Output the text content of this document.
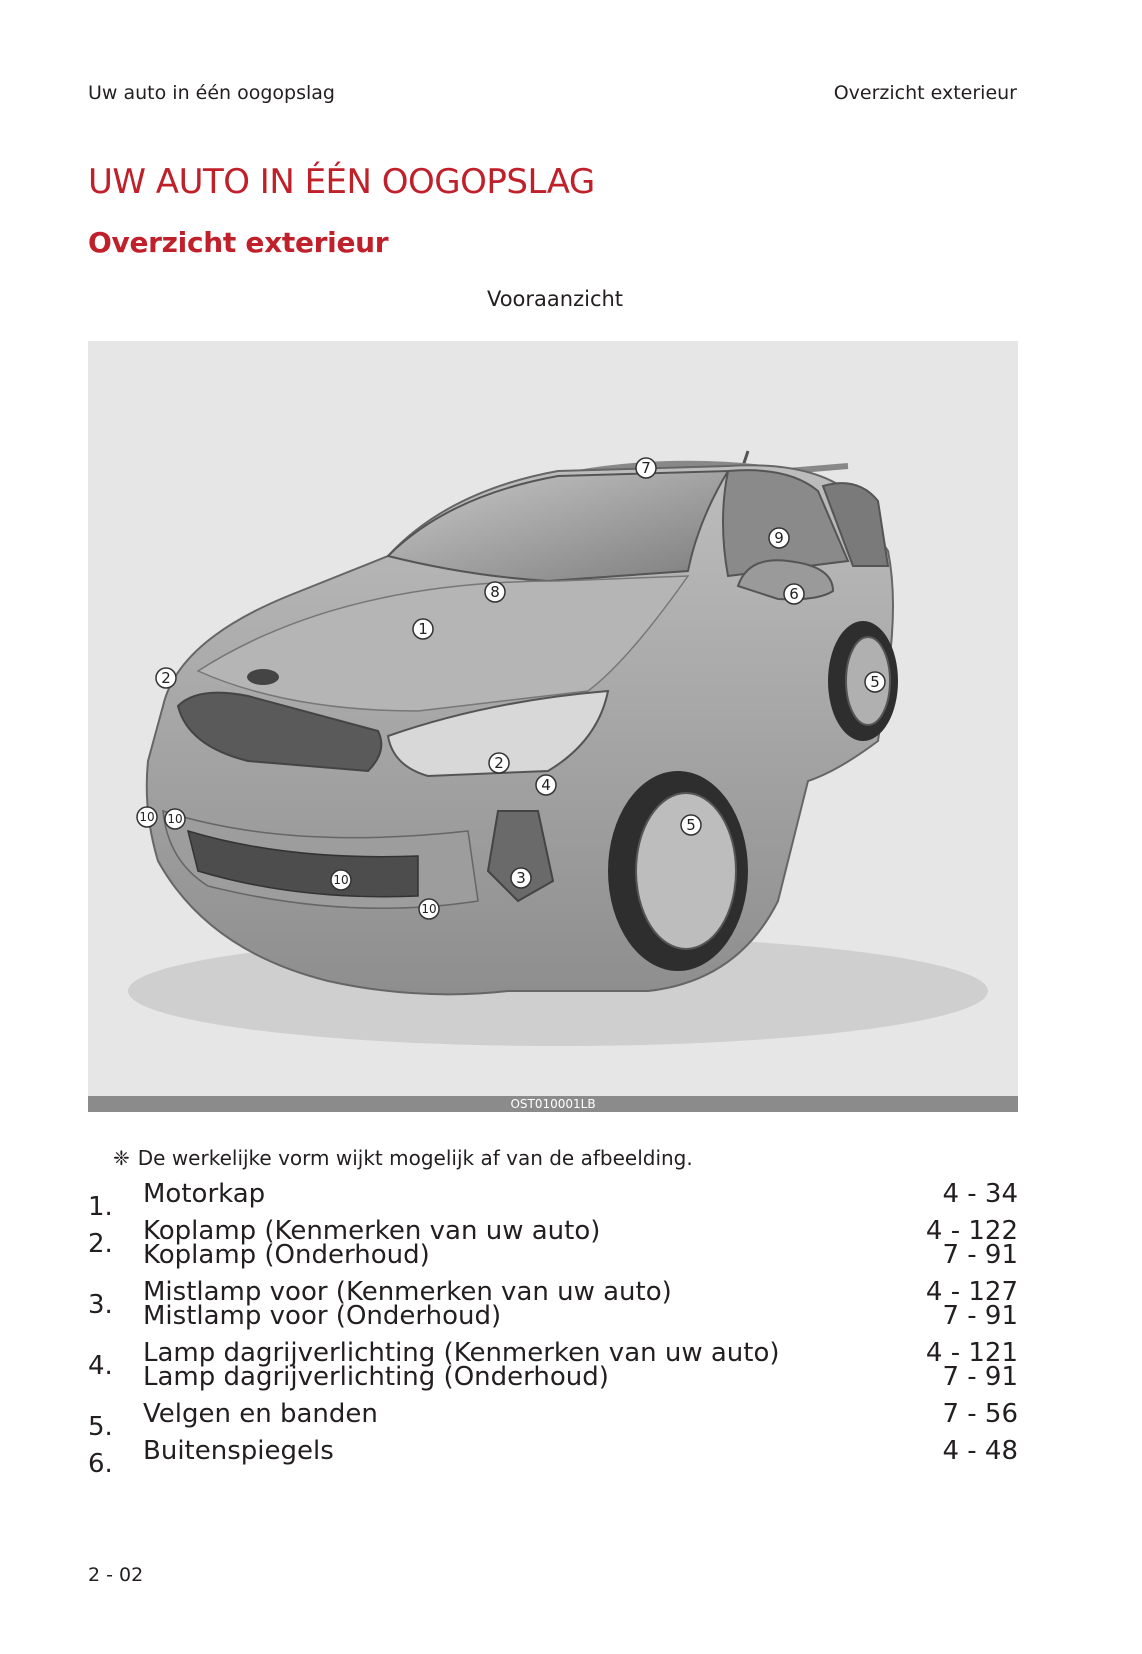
Uw auto in één oogopslag	Overzicht exterieur
UW AUTO IN ÉÉN OOGOPSLAG
Overzicht exterieur
Vooraanzicht
7
9
8	6
1
2	5
2
4
10 10	5
3
10
10
OST010001LB
❈ De werkelijke vorm wijkt mogelijk af van de afbeelding.
1. Motorkap	4 - 34
2. Koplamp (Kenmerken van uw auto)	4 - 122
Koplamp (Onderhoud)	7 - 91
3. Mistlamp voor (Kenmerken van uw auto)	4 - 127
Mistlamp voor (Onderhoud)	7 - 91
4. Lamp dagrijverlichting (Kenmerken van uw auto)	4 - 121
Lamp dagrijverlichting (Onderhoud)	7 - 91
5. Velgen en banden	7 - 56
6. Buitenspiegels	4 - 48
2 - 02
